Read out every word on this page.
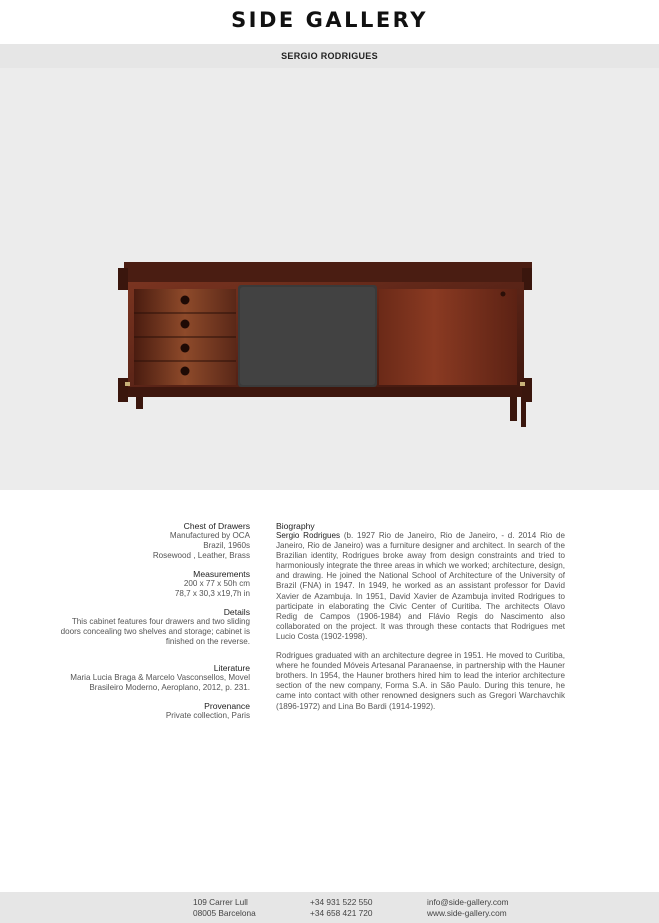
SIDE GALLERY
SERGIO RODRIGUES
Chest of Drawers
Manufactured by OCA
Brazil, 1960s
Rosewood , Leather, Brass
Measurements
200 x 77 x 50h cm
78,7 x 30,3 x19,7h in
Details
This cabinet features four drawers and two sliding
doors concealing two shelves and storage; cabinet is
finished on the reverse.
Literature
Maria Lucia Braga & Marcelo Vasconsellos, Movel
Brasileiro Moderno, Aeroplano, 2012, p. 231.
Provenance
Private collection, Paris
Biography

Sergio Rodrigues (b. 1927 Rio de Janeiro, Rio de Janeiro, - d. 2014 Rio de Janeiro, Rio de Janeiro) was a furniture designer and architect. In search of the Brazilian identity, Rodrigues broke away from design constraints and tried to harmoniously integrate the three areas in which we worked; architecture, design, and drawing. He joined the National School of Architecture of the University of Brazil (FNA) in 1947. In 1949, he worked as an assistant professor for David Xavier de Azambuja. In 1951, David Xavier de Azambuja invited Rodrigues to participate in elaborating the Civic Center of Curitiba. The architects Olavo Redig de Campos (1906-1984) and Flávio Regis do Nascimento also collaborated on the project. It was through these contacts that Rodrigues met Lucio Costa (1902-1998).

Rodrigues graduated with an architecture degree in 1951. He moved to Curitiba, where he founded Móveis Artesanal Paranaense, in partnership with the Hauner brothers. In 1954, the Hauner brothers hired him to lead the interior architecture section of the new company, Forma S.A. in São Paulo. During this tenure, he came into contact with other renowned designers such as Gregori Warchavchik (1896-1972) and Lina Bo Bardi (1914-1992).

109 Carrer Lull
08005 Barcelona
+34 931 522 550
+34 658 421 720
info@side-gallery.com
www.side-gallery.com
